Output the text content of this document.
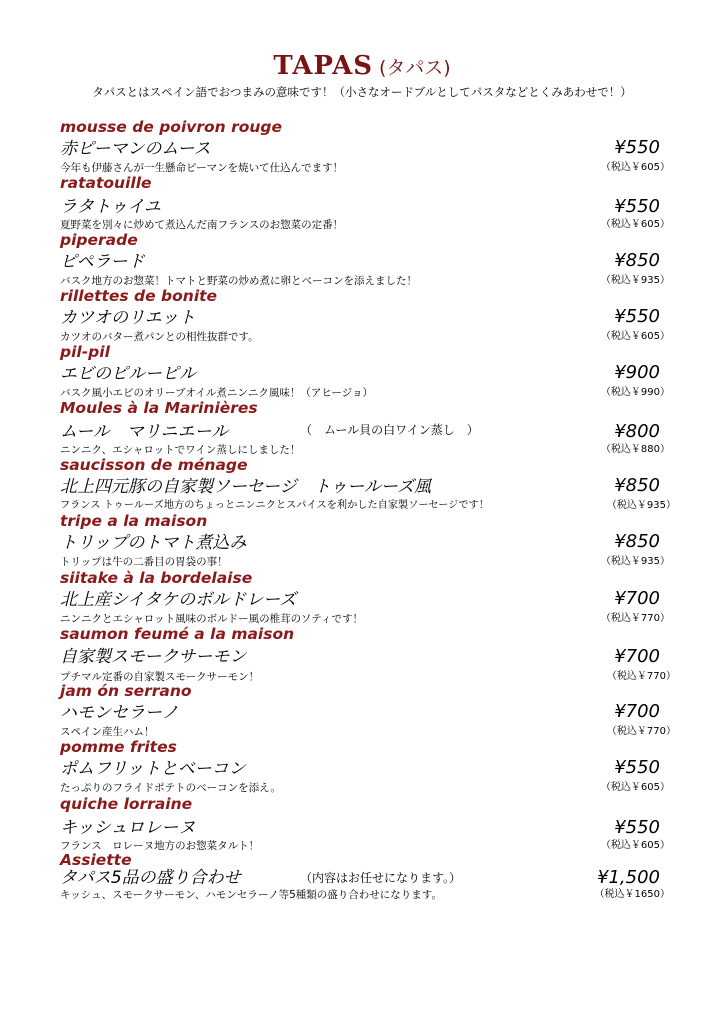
TAPAS (タパス)
タパスとはスペイン語でおつまみの意味です！（小さなオードブルとしてパスタなどとくみあわせで！）
mousse de poivron rouge
赤ピーマンのムース	¥550
今年も伊藤さんが一生懸命ピーマンを焼いて仕込んでます！	（税込￥605）
ratatouille
ラタトゥイユ	¥550
夏野菜を別々に炒めて煮込んだ南フランスのお惣菜の定番！	（税込￥605）
piperade
ピペラード	¥850
バスク地方のお惣菜！トマトと野菜の炒め煮に卵とベーコンを添えました！	（税込￥935）
rillettes de bonite
カツオのリエット	¥550
カツオのバター煮パンとの相性抜群です。	（税込￥605）
pil-pil
エビのピルーピル	¥900
バスク風小エビのオリーブオイル煮ニンニク風味！（アヒージョ）	（税込￥990）
Moules à la Marinières
ムール　マリニエール	（　ムール貝の白ワイン蒸し　）	¥800
ニンニク、エシャロットでワイン蒸しにしました！	（税込￥880）
saucisson de ménage
北上四元豚の自家製ソーセージ　トゥールーズ風	¥850
フランス トゥールーズ地方のちょっとニンニクとスパイスを利かした自家製ソーセージです！	（税込￥935）
tripe a la maison
トリップのトマト煮込み	¥850
トリップは牛の二番目の胃袋の事！	（税込￥935）
siitake à la bordelaise
北上産シイタケのボルドレーズ	¥700
ニンニクとエシャロット風味のボルドー風の椎茸のソティです！	（税込￥770）
saumon feumé a la maison
自家製スモークサーモン	¥700
プチマル定番の自家製スモークサーモン！	（税込￥770）
jam ón serrano
ハモンセラーノ	¥700
スペイン産生ハム！	（税込￥770）
pomme frites
ポムフリットとベーコン	¥550
たっぷりのフライドポテトのベーコンを添え。	（税込￥605）
quiche lorraine
キッシュロレーヌ	¥550
フランス　ロレーヌ地方のお惣菜タルト！	（税込￥605）
Assiette
タパス5品の盛り合わせ	（内容はお任せになります。）	¥1,500
キッシュ、スモークサーモン、ハモンセラーノ等5種類の盛り合わせになります。	（税込￥1650）
